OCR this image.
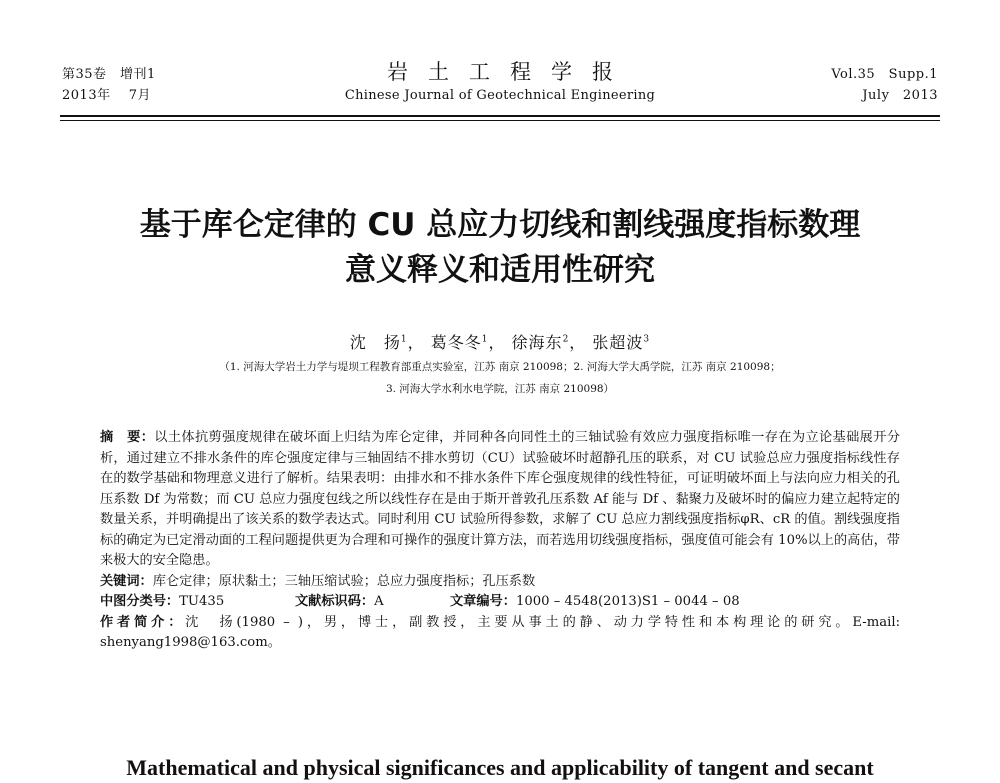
第35卷　增刊1
2013年　 7月
岩土工程学报
Chinese Journal of Geotechnical Engineering
Vol.35　Supp.1
July　2013
基于库仑定律的 CU 总应力切线和割线强度指标数理
意义释义和适用性研究
沈　扬$^1$， 葛冬冬$^1$， 徐海东$^2$， 张超波$^3$
（1. 河海大学岩土力学与堤坝工程教育部重点实验室，江苏 南京 210098；2. 河海大学大禹学院，江苏 南京 210098；
3. 河海大学水利水电学院，江苏 南京 210098）

摘　要：以土体抗剪强度规律在破坏面上归结为库仑定律，并同种各向同性土的三轴试验有效应力强度指标唯一存在为立论基础展开分析，通过建立不排水条件的库仑强度定律与三轴固结不排水剪切（CU）试验破坏时超静孔压的联系，对 CU 试验总应力强度指标线性存在的数学基础和物理意义进行了解析。结果表明：由排水和不排水条件下库仑强度规律的线性特征，可证明破坏面上与法向应力相关的孔压系数 Df 为常数；而 CU 总应力强度包线之所以线性存在是由于斯开普敦孔压系数 Af 能与 Df 、黏聚力及破坏时的偏应力建立起特定的数量关系，并明确提出了该关系的数学表达式。同时利用 CU 试验所得参数，求解了 CU 总应力割线强度指标φR、cR 的值。割线强度指标的确定为已定滑动面的工程问题提供更为合理和可操作的强度计算方法，而若选用切线强度指标，强度值可能会有 10%以上的高估，带来极大的安全隐患。

关键词：库仑定律；原状黏土；三轴压缩试验；总应力强度指标；孔压系数

中图分类号：TU435	文献标识码：A	文章编号：1000 – 4548(2013)S1 – 0044 – 08

作者简介：沈　扬(1980 – )，男，博士，副教授，主要从事土的静、动力学特性和本构理论的研究。E-mail: shenyang1998@163.com。

Mathematical and physical significances and applicability of tangent and secant
